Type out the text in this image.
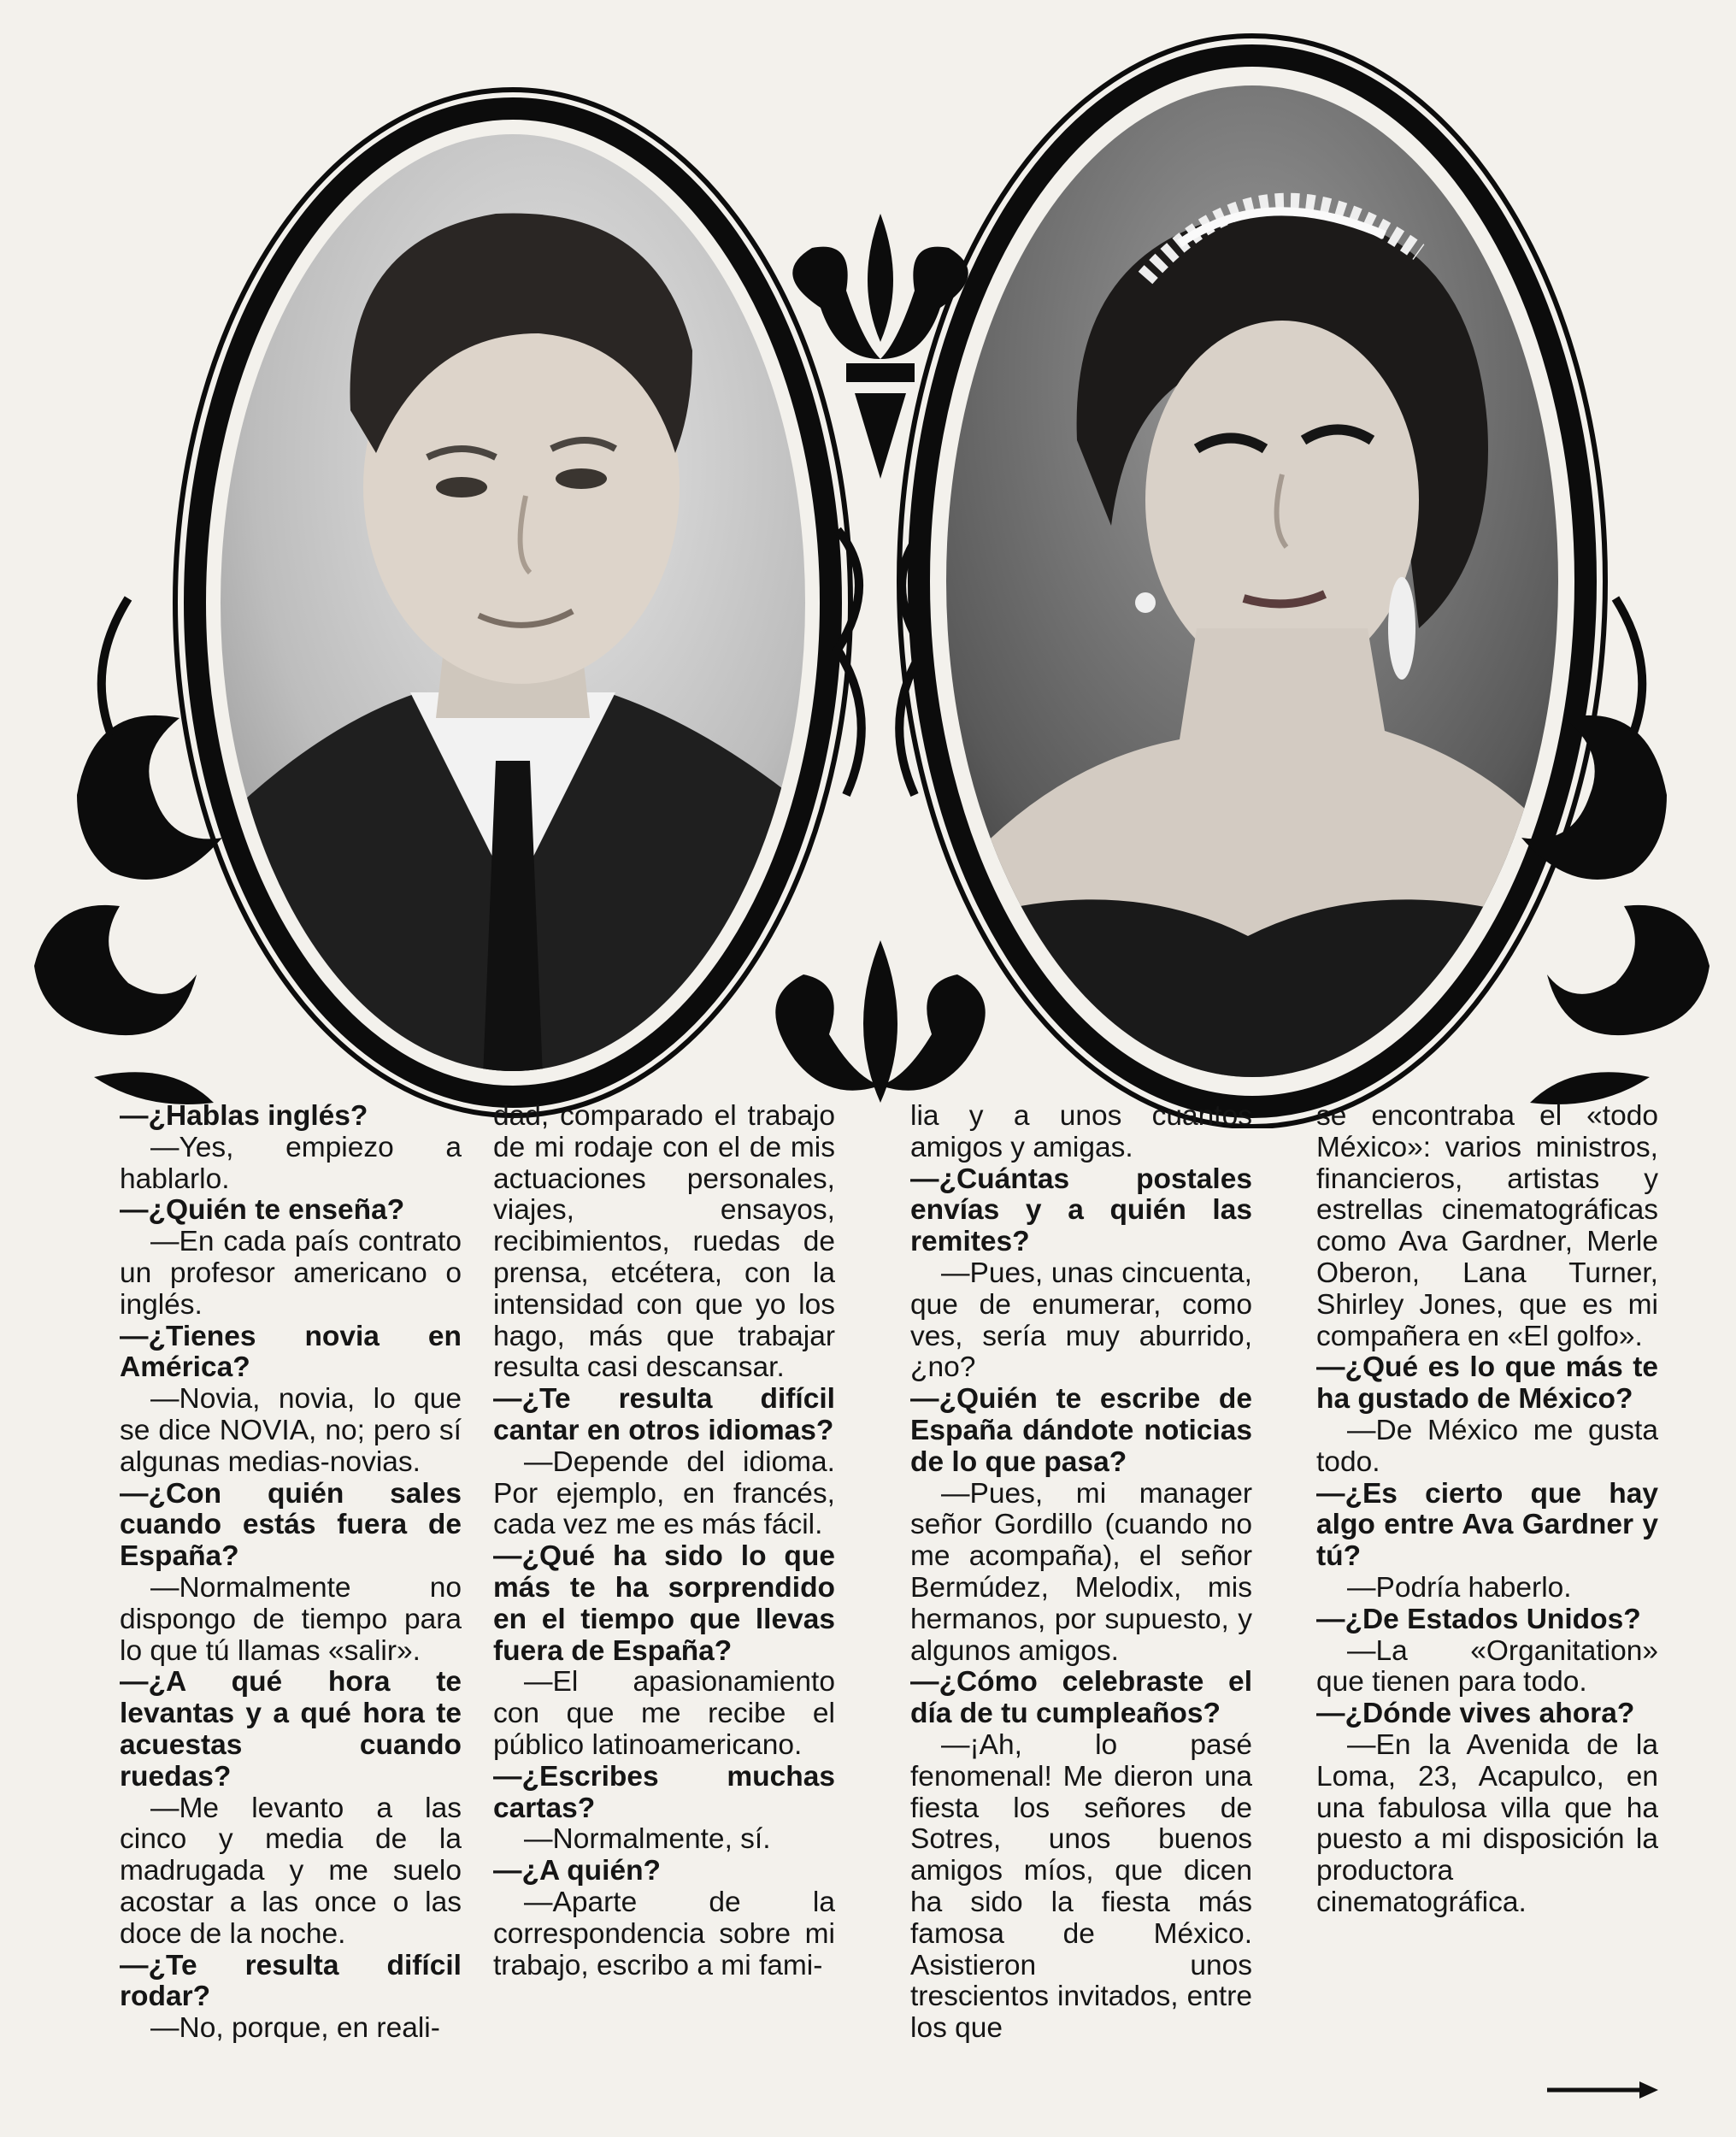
—¿Hablas inglés?

—Yes, empiezo a hablarlo.

—¿Quién te enseña?

—En cada país contrato un profesor americano o inglés.

—¿Tienes novia en América?

—Novia, novia, lo que se dice NOVIA, no; pero sí algunas medias-novias.

—¿Con quién sales cuando estás fuera de España?

—Normalmente no dispongo de tiempo para lo que tú llamas «salir».

—¿A qué hora te levantas y a qué hora te acuestas cuando ruedas?

—Me levanto a las cinco y media de la madrugada y me suelo acostar a las once o las doce de la noche.

—¿Te resulta difícil rodar?

—No, porque, en reali-

dad, comparado el trabajo de mi rodaje con el de mis actuaciones personales, viajes, ensayos, recibimientos, ruedas de prensa, etcétera, con la intensidad con que yo los hago, más que trabajar resulta casi descansar.

—¿Te resulta difícil cantar en otros idiomas?

—Depende del idioma. Por ejemplo, en francés, cada vez me es más fácil.

—¿Qué ha sido lo que más te ha sorprendido en el tiempo que llevas fuera de España?

—El apasionamiento con que me recibe el público latinoamericano.

—¿Escribes muchas cartas?

—Normalmente, sí.

—¿A quién?

—Aparte de la correspondencia sobre mi trabajo, escribo a mi fami-

lia y a unos cuantos amigos y amigas.

—¿Cuántas postales envías y a quién las remites?

—Pues, unas cincuenta, que de enumerar, como ves, sería muy aburrido, ¿no?

—¿Quién te escribe de España dándote noticias de lo que pasa?

—Pues, mi manager señor Gordillo (cuando no me acompaña), el señor Bermúdez, Melodix, mis hermanos, por supuesto, y algunos amigos.

—¿Cómo celebraste el día de tu cumpleaños?

—¡Ah, lo pasé fenomenal! Me dieron una fiesta los señores de Sotres, unos buenos amigos míos, que dicen ha sido la fiesta más famosa de México. Asistieron unos trescientos invitados, entre los que

se encontraba el «todo México»: varios ministros, financieros, artistas y estrellas cinematográficas como Ava Gardner, Merle Oberon, Lana Turner, Shirley Jones, que es mi compañera en «El golfo».

—¿Qué es lo que más te ha gustado de México?

—De México me gusta todo.

—¿Es cierto que hay algo entre Ava Gardner y tú?

—Podría haberlo.

—¿De Estados Unidos?

—La «Organitation» que tienen para todo.

—¿Dónde vives ahora?

—En la Avenida de la Loma, 23, Acapulco, en una fabulosa villa que ha puesto a mi disposición la productora cinematográfica.
